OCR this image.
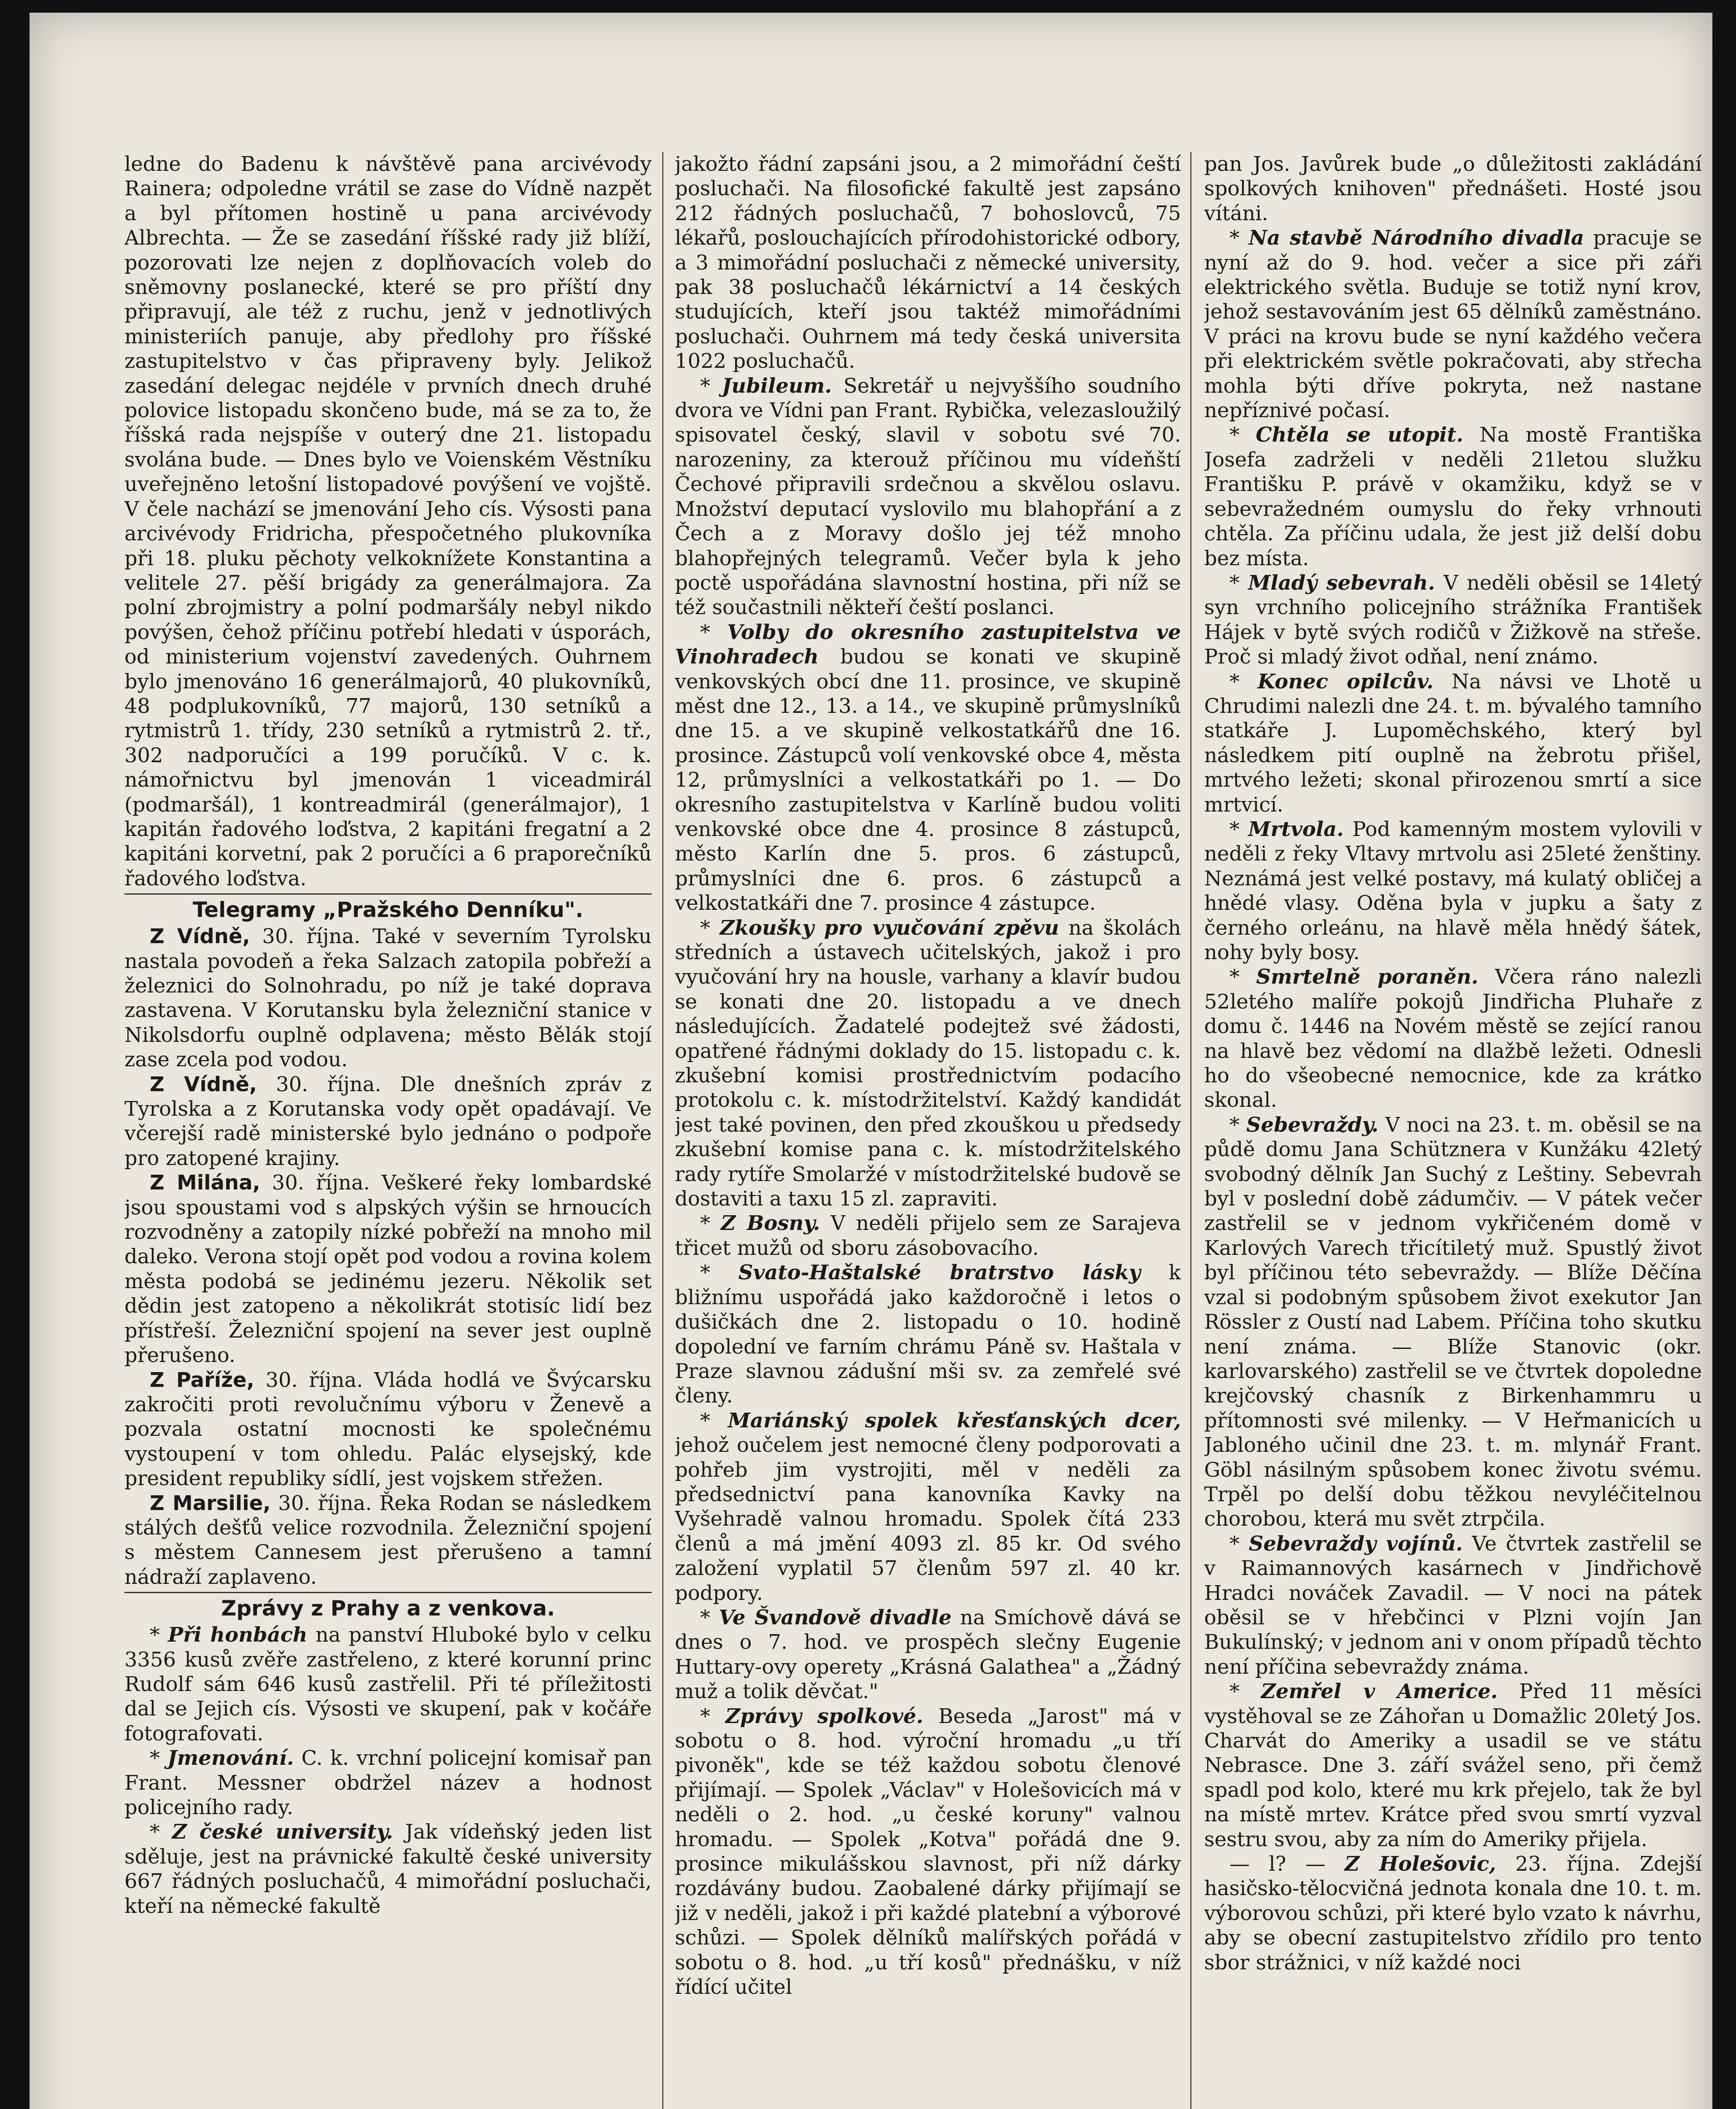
ledne do Badenu k návštěvě pana arcivévody Rainera; odpoledne vrátil se zase do Vídně nazpět a byl přítomen hostině u pana arcivévody Albrechta. — Že se zasedání říšské rady již blíží, pozorovati lze nejen z doplňovacích voleb do sněmovny poslanecké, které se pro příští dny připravují, ale též z ruchu, jenž v jednotlivých ministeriích panuje, aby předlohy pro říšské zastupitelstvo v čas připraveny byly. Jelikož zasedání delegac nejdéle v prvních dnech druhé polovice listopadu skončeno bude, má se za to, že říšská rada nejspíše v outerý dne 21. listopadu svolána bude. — Dnes bylo ve Voienském Věstníku uveřejněno letošní listopadové povýšení ve vojště. V čele nachází se jmenování Jeho cís. Výsosti pana arcivévody Fridricha, přespočetného plukovníka při 18. pluku pěchoty velkoknížete Konstantina a velitele 27. pěší brigády za generálmajora. Za polní zbrojmistry a polní podmaršály nebyl nikdo povýšen, čehož příčinu potřebí hledati v úsporách, od ministerium vojenství zavedených. Ouhrnem bylo jmenováno 16 generálmajorů, 40 plukovníků, 48 podplukovníků, 77 majorů, 130 setníků a rytmistrů 1. třídy, 230 setníků a rytmistrů 2. tř., 302 nadporučíci a 199 poručíků. V c. k. námořnictvu byl jmenován 1 viceadmirál (podmaršál), 1 kontreadmirál (generálmajor), 1 kapitán řadového loďstva, 2 kapitáni fregatní a 2 kapitáni korvetní, pak 2 poručíci a 6 praporečníků řadového loďstva.

Telegramy „Pražského Denníku".

Z Vídně, 30. října. Také v severním Tyrolsku nastala povodeň a řeka Salzach zatopila pobřeží a železnici do Solnohradu, po níž je také doprava zastavena. V Korutansku byla železniční stanice v Nikolsdorfu ouplně odplavena; město Bělák stojí zase zcela pod vodou.

Z Vídně, 30. října. Dle dnešních zpráv z Tyrolska a z Korutanska vody opět opadávají. Ve včerejší radě ministerské bylo jednáno o podpoře pro zatopené krajiny.

Z Milána, 30. října. Veškeré řeky lombardské jsou spoustami vod s alpských výšin se hrnoucích rozvodněny a zatopily nízké pobřeží na mnoho mil daleko. Verona stojí opět pod vodou a rovina kolem města podobá se jedinému jezeru. Několik set dědin jest zatopeno a několikrát stotisíc lidí bez přístřeší. Železniční spojení na sever jest ouplně přerušeno.

Z Paříže, 30. října. Vláda hodlá ve Švýcarsku zakročiti proti revolučnímu výboru v Ženevě a pozvala ostatní mocnosti ke společnému vystoupení v tom ohledu. Palác elysejský, kde president republiky sídlí, jest vojskem střežen.

Z Marsilie, 30. října. Řeka Rodan se následkem stálých dešťů velice rozvodnila. Železniční spojení s městem Cannesem jest přerušeno a tamní nádraží zaplaveno.

Zprávy z Prahy a z venkova.

* Při honbách na panství Hluboké bylo v celku 3356 kusů zvěře zastřeleno, z které korunní princ Rudolf sám 646 kusů zastřelil. Při té příležitosti dal se Jejich cís. Výsosti ve skupení, pak v kočáře fotografovati.

* Jmenování. C. k. vrchní policejní komisař pan Frant. Messner obdržel název a hodnost policejního rady.

* Z české university. Jak vídeňský jeden list sděluje, jest na právnické fakultě české university 667 řádných posluchačů, 4 mimořádní posluchači, kteří na německé fakultě

jakožto řádní zapsáni jsou, a 2 mimořádní čeští posluchači. Na filosofické fakultě jest zapsáno 212 řádných posluchačů, 7 bohoslovců, 75 lékařů, poslouchajících přírodohistorické odbory, a 3 mimořádní posluchači z německé university, pak 38 posluchačů lékárnictví a 14 českých studujících, kteří jsou taktéž mimořádními posluchači. Ouhrnem má tedy česká universita 1022 posluchačů.

* Jubileum. Sekretář u nejvyššího soudního dvora ve Vídni pan Frant. Rybička, velezasloužilý spisovatel český, slavil v sobotu své 70. narozeniny, za kterouž příčinou mu vídeňští Čechové připravili srdečnou a skvělou oslavu. Množství deputací vyslovilo mu blahopřání a z Čech a z Moravy došlo jej též mnoho blahopřejných telegramů. Večer byla k jeho poctě uspořádána slavnostní hostina, při níž se též součastnili někteří čeští poslanci.

* Volby do okresního zastupitelstva ve Vinohradech budou se konati ve skupině venkovských obcí dne 11. prosince, ve skupině měst dne 12., 13. a 14., ve skupině průmyslníků dne 15. a ve skupině velkostatkářů dne 16. prosince. Zástupců volí venkovské obce 4, města 12, průmyslníci a velkostatkáři po 1. — Do okresního zastupitelstva v Karlíně budou voliti venkovské obce dne 4. prosince 8 zástupců, město Karlín dne 5. pros. 6 zástupců, průmyslníci dne 6. pros. 6 zástupců a velkostatkáři dne 7. prosince 4 zástupce.

* Zkoušky pro vyučování zpěvu na školách středních a ústavech učitelských, jakož i pro vyučování hry na housle, varhany a klavír budou se konati dne 20. listopadu a ve dnech následujících. Žadatelé podejtež své žádosti, opatřené řádnými doklady do 15. listopadu c. k. zkušební komisi prostřednictvím podacího protokolu c. k. místodržitelství. Každý kandidát jest také povinen, den před zkouškou u předsedy zkušební komise pana c. k. místodržitelského rady rytíře Smolaržé v místodržitelské budově se dostaviti a taxu 15 zl. zapraviti.

* Z Bosny. V neděli přijelo sem ze Sarajeva třicet mužů od sboru zásobovacího.

* Svato-Haštalské bratrstvo lásky k bližnímu uspořádá jako každoročně i letos o dušičkách dne 2. listopadu o 10. hodině dopolední ve farním chrámu Páně sv. Haštala v Praze slavnou zádušní mši sv. za zemřelé své členy.

* Mariánský spolek křesťanských dcer, jehož oučelem jest nemocné členy podporovati a pohřeb jim vystrojiti, měl v neděli za předsednictví pana kanovníka Kavky na Vyšehradě valnou hromadu. Spolek čítá 233 členů a má jmění 4093 zl. 85 kr. Od svého založení vyplatil 57 členům 597 zl. 40 kr. podpory.

* Ve Švandově divadle na Smíchově dává se dnes o 7. hod. ve prospěch slečny Eugenie Huttary-ovy operety „Krásná Galathea" a „Žádný muž a tolik děvčat."

* Zprávy spolkové. Beseda „Jarost" má v sobotu o 8. hod. výroční hromadu „u tří pivoněk", kde se též každou sobotu členové přijímají. — Spolek „Václav" v Holešovicích má v neděli o 2. hod. „u české koruny" valnou hromadu. — Spolek „Kotva" pořádá dne 9. prosince mikulášskou slavnost, při níž dárky rozdávány budou. Zaobalené dárky přijímají se již v neděli, jakož i při každé platební a výborové schůzi. — Spolek dělníků malířských pořádá v sobotu o 8. hod. „u tří kosů" přednášku, v níž řídící učitel

pan Jos. Javůrek bude „o důležitosti zakládání spolkových knihoven" přednášeti. Hosté jsou vítáni.

* Na stavbě Národního divadla pracuje se nyní až do 9. hod. večer a sice při záři elektrického světla. Buduje se totiž nyní krov, jehož sestavováním jest 65 dělníků zaměstnáno. V práci na krovu bude se nyní každého večera při elektrickém světle pokračovati, aby střecha mohla býti dříve pokryta, než nastane nepříznivé počasí.

* Chtěla se utopit. Na mostě Františka Josefa zadrželi v neděli 21letou služku Františku P. právě v okamžiku, když se v sebevražedném oumyslu do řeky vrhnouti chtěla. Za příčinu udala, že jest již delší dobu bez místa.

* Mladý sebevrah. V neděli oběsil se 14letý syn vrchního policejního strážníka František Hájek v bytě svých rodičů v Žižkově na střeše. Proč si mladý život odňal, není známo.

* Konec opilcův. Na návsi ve Lhotě u Chrudimi nalezli dne 24. t. m. bývalého tamního statkáře J. Lupoměchského, který byl následkem pití ouplně na žebrotu přišel, mrtvého ležeti; skonal přirozenou smrtí a sice mrtvicí.

* Mrtvola. Pod kamenným mostem vylovili v neděli z řeky Vltavy mrtvolu asi 25leté ženštiny. Neznámá jest velké postavy, má kulatý obličej a hnědé vlasy. Oděna byla v jupku a šaty z černého orleánu, na hlavě měla hnědý šátek, nohy byly bosy.

* Smrtelně poraněn. Včera ráno nalezli 52letého malíře pokojů Jindřicha Pluhaře z domu č. 1446 na Novém městě se zející ranou na hlavě bez vědomí na dlažbě ležeti. Odnesli ho do všeobecné nemocnice, kde za krátko skonal.

* Sebevraždy. V noci na 23. t. m. oběsil se na půdě domu Jana Schütznera v Kunžáku 42letý svobodný dělník Jan Suchý z Leštiny. Sebevrah byl v poslední době zádumčiv. — V pátek večer zastřelil se v jednom vykřičeném domě v Karlových Varech třicítiletý muž. Spustlý život byl příčinou této sebevraždy. — Blíže Děčína vzal si podobným spůsobem život exekutor Jan Rössler z Oustí nad Labem. Příčina toho skutku není známa. — Blíže Stanovic (okr. karlovarského) zastřelil se ve čtvrtek dopoledne krejčovský chasník z Birkenhammru u přítomnosti své milenky. — V Heřmanicích u Jabloného učinil dne 23. t. m. mlynář Frant. Göbl násilným spůsobem konec životu svému. Trpěl po delší dobu těžkou nevyléčitelnou chorobou, která mu svět ztrpčila.

* Sebevraždy vojínů. Ve čtvrtek zastřelil se v Raimannových kasárnech v Jindřichově Hradci nováček Zavadil. — V noci na pátek oběsil se v hřebčinci v Plzni vojín Jan Bukulínský; v jednom ani v onom případů těchto není příčina sebevraždy známa.

* Zemřel v Americe. Před 11 měsíci vystěhoval se ze Záhořan u Domažlic 20letý Jos. Charvát do Ameriky a usadil se ve státu Nebrasce. Dne 3. září svážel seno, při čemž spadl pod kolo, které mu krk přejelo, tak že byl na místě mrtev. Krátce před svou smrtí vyzval sestru svou, aby za ním do Ameriky přijela.

— l? — Z Holešovic, 23. října. Zdejší hasičsko-tělocvičná jednota konala dne 10. t. m. výborovou schůzi, při které bylo vzato k návrhu, aby se obecní zastupitelstvo zřídilo pro tento sbor strážnici, v níž každé noci
